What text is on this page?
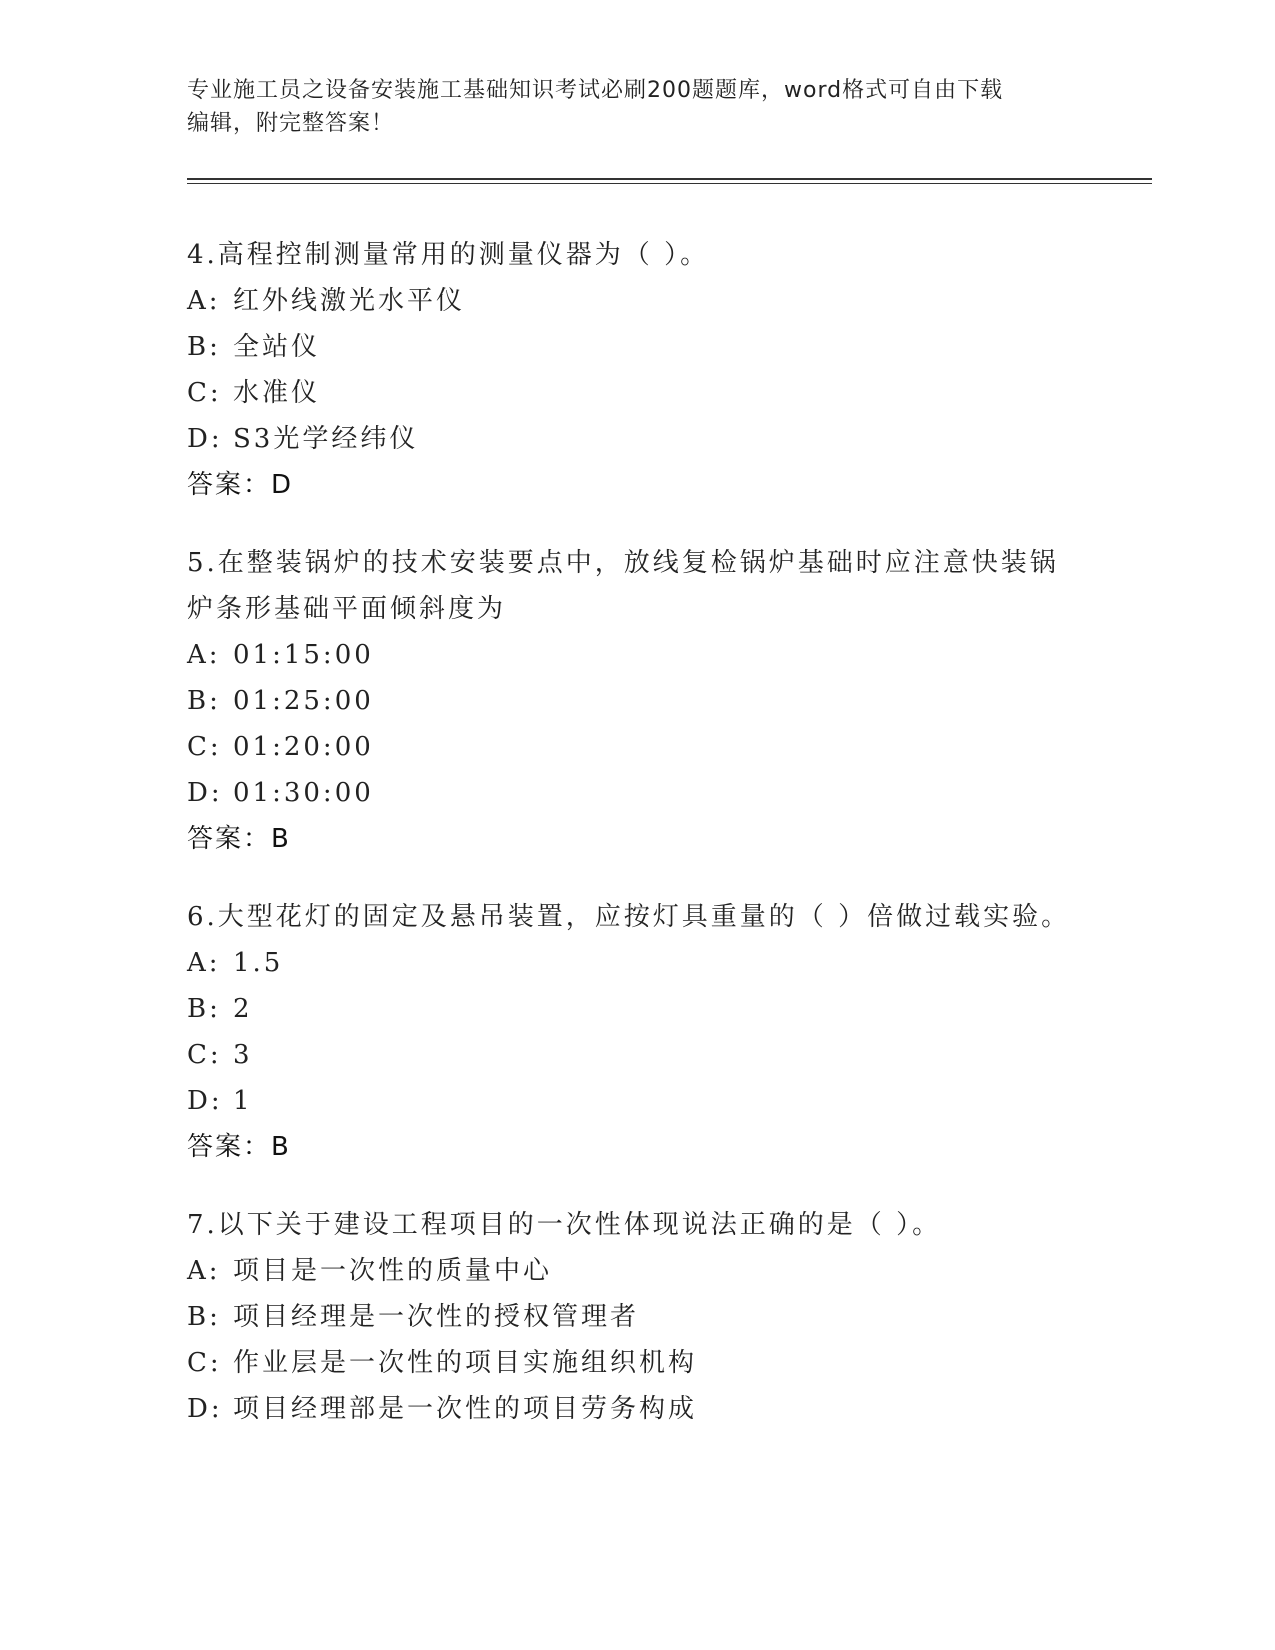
专业施工员之设备安装施工基础知识考试必刷200题题库，word格式可自由下载
编辑，附完整答案！

4.高程控制测量常用的测量仪器为（ ）。

A: 红外线激光水平仪

B: 全站仪

C: 水准仪

D: S3光学经纬仪

答案：D

5.在整装锅炉的技术安装要点中，放线复检锅炉基础时应注意快装锅炉条形基础平面倾斜度为

A: 01:15:00

B: 01:25:00

C: 01:20:00

D: 01:30:00

答案：B

6.大型花灯的固定及悬吊装置，应按灯具重量的（ ）倍做过载实验。

A: 1.5

B: 2

C: 3

D: 1

答案：B

7.以下关于建设工程项目的一次性体现说法正确的是（ ）。

A: 项目是一次性的质量中心

B: 项目经理是一次性的授权管理者

C: 作业层是一次性的项目实施组织机构

D: 项目经理部是一次性的项目劳务构成
